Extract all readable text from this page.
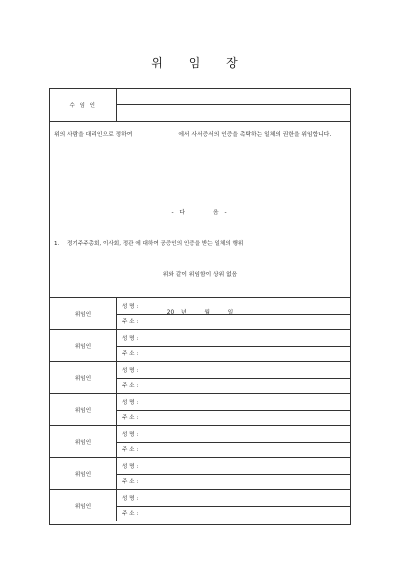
위 임 장
수 임 인
위의 사람을 대리인으로 정하여	에서 사서증서의 인증을 촉탁하는 일체의 권한을 위임합니다.
- 다	음 -
1. 정기주주총회, 이사회, 정관 에 대하여 공증인의 인증을 받는 일체의 행위
위와 같이 위임함이 상위 없음
20 년	월	일
위임인
성 명 :
주 소 :
위임인
성 명 :
주 소 :
위임인
성 명 :
주 소 :
위임인
성 명 :
주 소 :
위임인
성 명 :
주 소 :
위임인
성 명 :
주 소 :
위임인
성 명 :
주 소 :
